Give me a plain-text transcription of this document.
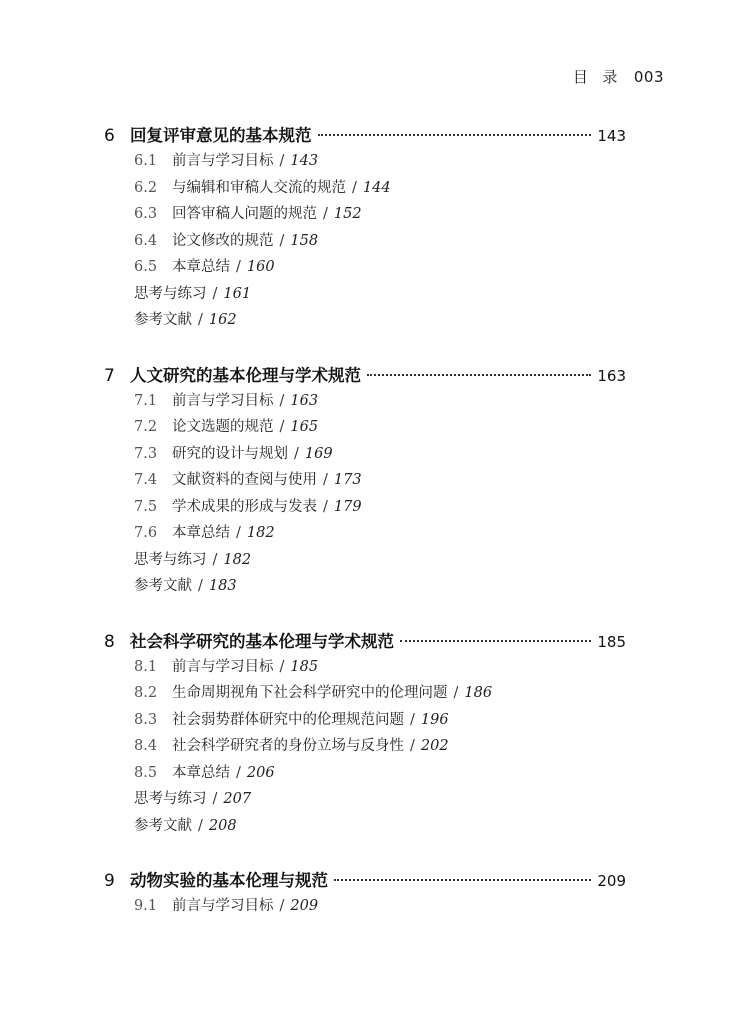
目 录 003
6 回复评审意见的基本规范	143
6.1 前言与学习目标 / 143
6.2 与编辑和审稿人交流的规范 / 144
6.3 回答审稿人问题的规范 / 152
6.4 论文修改的规范 / 158
6.5 本章总结 / 160
思考与练习 / 161
参考文献 / 162
7 人文研究的基本伦理与学术规范	163
7.1 前言与学习目标 / 163
7.2 论文选题的规范 / 165
7.3 研究的设计与规划 / 169
7.4 文献资料的查阅与使用 / 173
7.5 学术成果的形成与发表 / 179
7.6 本章总结 / 182
思考与练习 / 182
参考文献 / 183
8 社会科学研究的基本伦理与学术规范	185
8.1 前言与学习目标 / 185
8.2 生命周期视角下社会科学研究中的伦理问题 / 186
8.3 社会弱势群体研究中的伦理规范问题 / 196
8.4 社会科学研究者的身份立场与反身性 / 202
8.5 本章总结 / 206
思考与练习 / 207
参考文献 / 208
9 动物实验的基本伦理与规范	209
9.1 前言与学习目标 / 209
